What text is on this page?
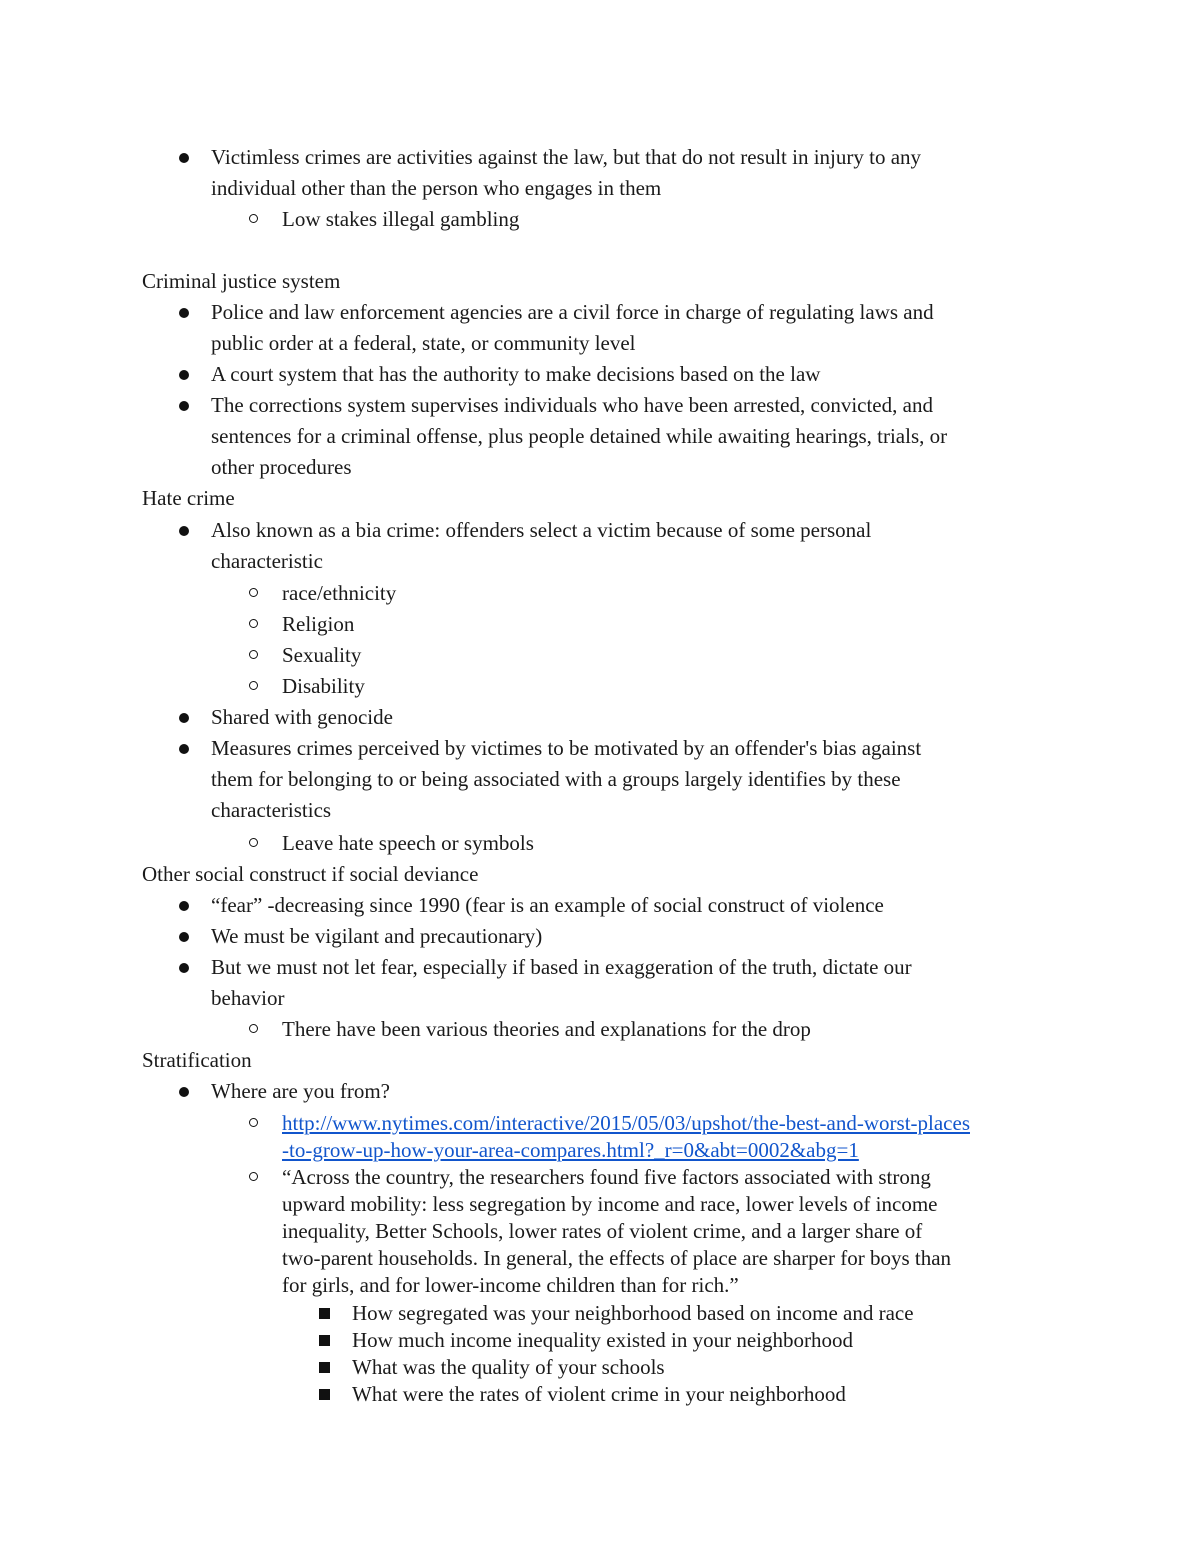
Victimless crimes are activities against the law, but that do not result in injury to any
individual other than the person who engages in them
Low stakes illegal gambling
Criminal justice system
Police and law enforcement agencies are a civil force in charge of regulating laws and
public order at a federal, state, or community level
A court system that has the authority to make decisions based on the law
The corrections system supervises individuals who have been arrested, convicted, and
sentences for a criminal offense, plus people detained while awaiting hearings, trials, or
other procedures
Hate crime
Also known as a bia crime: offenders select a victim because of some personal
characteristic
race/ethnicity
Religion
Sexuality
Disability
Shared with genocide
Measures crimes perceived by victimes to be motivated by an offender's bias against
them for belonging to or being associated with a groups largely identifies by these
characteristics
Leave hate speech or symbols
Other social construct if social deviance
“fear” -decreasing since 1990 (fear is an example of social construct of violence
We must be vigilant and precautionary)
But we must not let fear, especially if based in exaggeration of the truth, dictate our
behavior
There have been various theories and explanations for the drop
Stratification
Where are you from?
http://www.nytimes.com/interactive/2015/05/03/upshot/the-best-and-worst-places
-to-grow-up-how-your-area-compares.html?_r=0&abt=0002&abg=1
“Across the country, the researchers found five factors associated with strong
upward mobility: less segregation by income and race, lower levels of income
inequality, Better Schools, lower rates of violent crime, and a larger share of
two-parent households. In general, the effects of place are sharper for boys than
for girls, and for lower-income children than for rich.”
How segregated was your neighborhood based on income and race
How much income inequality existed in your neighborhood
What was the quality of your schools
What were the rates of violent crime in your neighborhood
